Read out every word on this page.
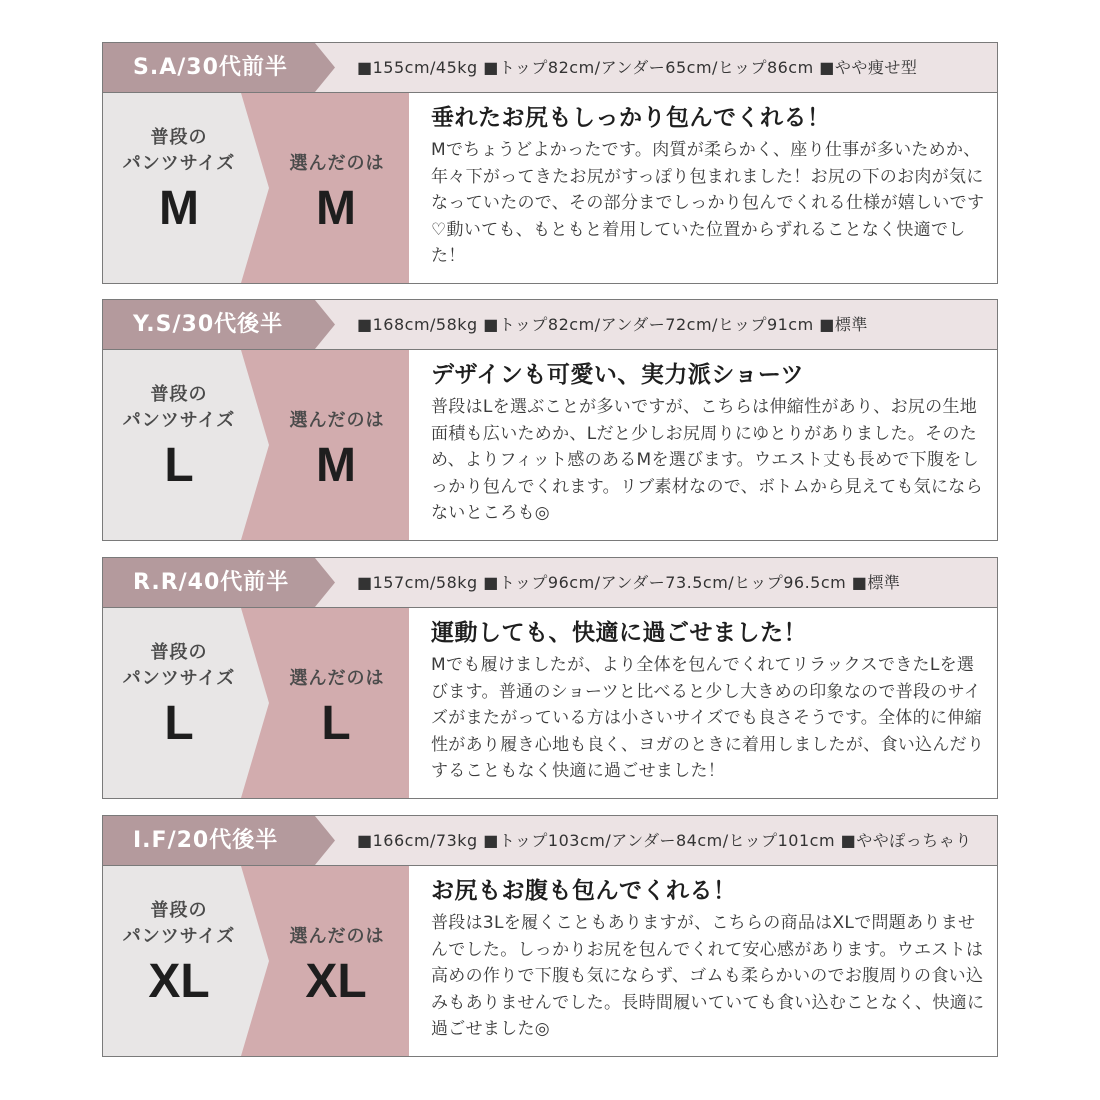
S.A/30代前半	■155cm/45kg ■トップ82cm/アンダー65cm/ヒップ86cm ■やや痩せ型
普段の
パンツサイズ
M
選んだのは
M
垂れたお尻もしっかり包んでくれる！
Mでちょうどよかったです。肉質が柔らかく、座り仕事が多いためか、年々下がってきたお尻がすっぽり包まれました！お尻の下のお肉が気になっていたので、その部分までしっかり包んでくれる仕様が嬉しいです♡動いても、もともと着用していた位置からずれることなく快適でした！
Y.S/30代後半	■168cm/58kg ■トップ82cm/アンダー72cm/ヒップ91cm ■標準
普段の
パンツサイズ
L
選んだのは
M
デザインも可愛い、実力派ショーツ
普段はLを選ぶことが多いですが、こちらは伸縮性があり、お尻の生地面積も広いためか、Lだと少しお尻周りにゆとりがありました。そのため、よりフィット感のあるMを選びます。ウエスト丈も長めで下腹をしっかり包んでくれます。リブ素材なので、ボトムから見えても気にならないところも◎
R.R/40代前半	■157cm/58kg ■トップ96cm/アンダー73.5cm/ヒップ96.5cm ■標準
普段の
パンツサイズ
L
選んだのは
L
運動しても、快適に過ごせました！
Mでも履けましたが、より全体を包んでくれてリラックスできたLを選びます。普通のショーツと比べると少し大きめの印象なので普段のサイズがまたがっている方は小さいサイズでも良さそうです。全体的に伸縮性があり履き心地も良く、ヨガのときに着用しましたが、食い込んだりすることもなく快適に過ごせました！
I.F/20代後半	■166cm/73kg ■トップ103cm/アンダー84cm/ヒップ101cm ■ややぽっちゃり
普段の
パンツサイズ
XL
選んだのは
XL
お尻もお腹も包んでくれる！
普段は3Lを履くこともありますが、こちらの商品はXLで問題ありませんでした。しっかりお尻を包んでくれて安心感があります。ウエストは高めの作りで下腹も気にならず、ゴムも柔らかいのでお腹周りの食い込みもありませんでした。長時間履いていても食い込むことなく、快適に過ごせました◎
